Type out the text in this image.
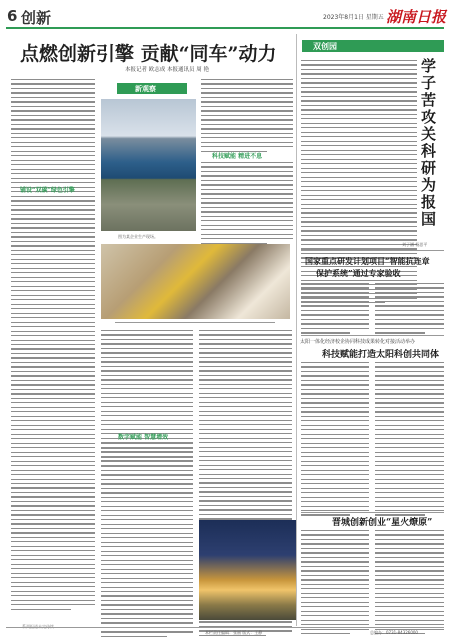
6 创新	2023年8月1日 星期五 湖南日报
点燃创新引擎 贡献“同车”动力
本报记者 欧志成 本报通讯员 周 艳
铺设“双碳”绿色引擎
新观察
图为某企业生产现场。
科技赋能 精进不息
数字赋能 智慧增效
双创园
学子苦攻关 科研为报国
刘子涵 杨思平
国家重点研发计划项目“智能抗连章
保护系统”通过专家验收
太阳一体化经济校企协同科技成果转化对接活动举办
科技赋能打造太阳科创共同体
晋城创新创业“星火燎原”
本栏责任编辑：张丽 版式：王静	总编办：0731-84326000
